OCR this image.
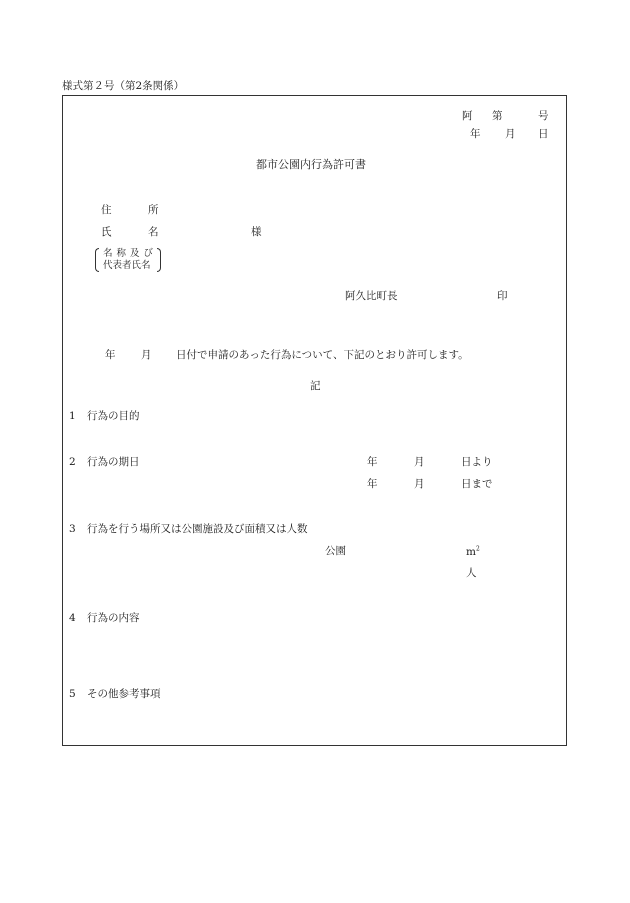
様式第２号（第2条関係）
阿 第	号
年 月 日
都市公園内行為許可書
住	所
氏	名	様
名 称 及 び
代表者氏名
阿久比町長	印
年 月 日付で申請のあった行為について、下記のとおり許可します。
記
1 行為の目的
2 行為の期日	年	月	日より
年	月	日まで
3 行為を行う場所又は公園施設及び面積又は人数
公園	$m^2$
人
4 行為の内容
5 その他参考事項
